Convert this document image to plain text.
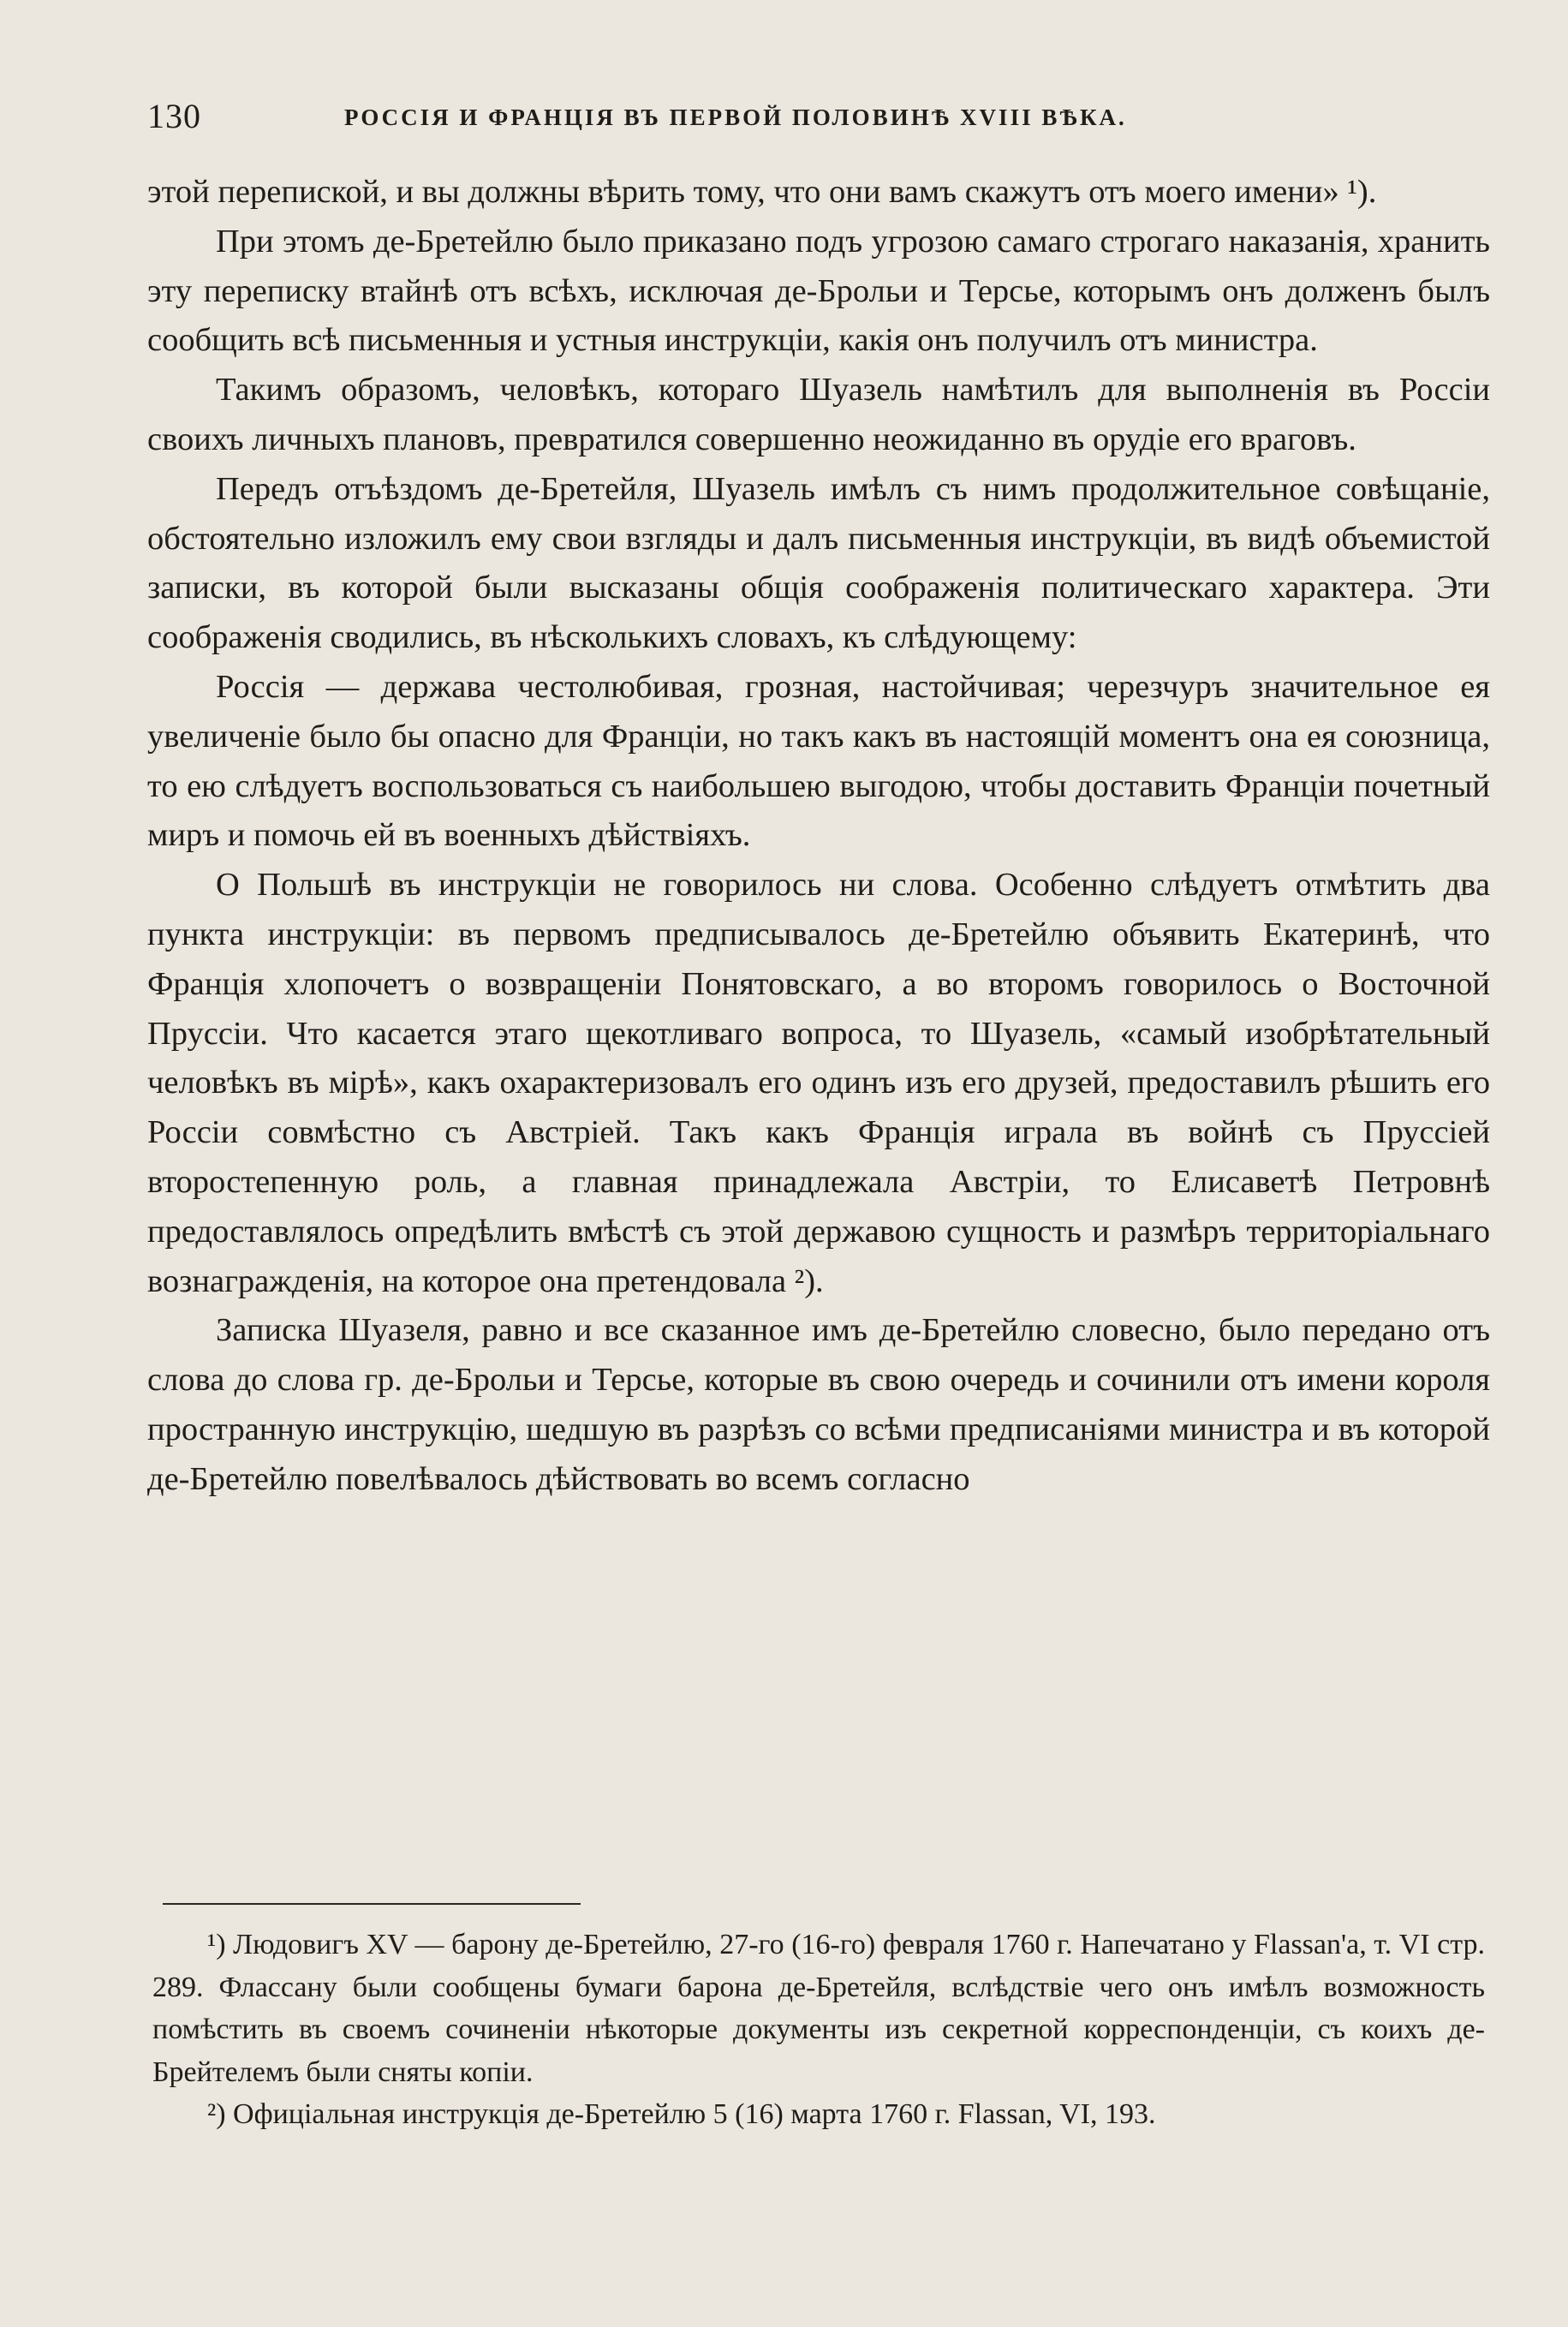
130	РОССІЯ И ФРАНЦІЯ ВЪ ПЕРВОЙ ПОЛОВИНѢ XVIII ВѢКА.

этой перепиской, и вы должны вѣрить тому, что они вамъ скажутъ отъ моего имени» ¹).

При этомъ де-Бретейлю было приказано подъ угрозою самаго строгаго наказанія, хранить эту переписку втайнѣ отъ всѣхъ, исключая де-Брольи и Терсье, которымъ онъ долженъ былъ сообщить всѣ письменныя и устныя инструкціи, какія онъ получилъ отъ министра.

Такимъ образомъ, человѣкъ, котораго Шуазель намѣтилъ для выполненія въ Россіи своихъ личныхъ плановъ, превратился совершенно неожиданно въ орудіе его враговъ.

Передъ отъѣздомъ де-Бретейля, Шуазель имѣлъ съ нимъ продолжительное совѣщаніе, обстоятельно изложилъ ему свои взгляды и далъ письменныя инструкціи, въ видѣ объемистой записки, въ которой были высказаны общія соображенія политическаго характера. Эти соображенія сводились, въ нѣсколькихъ словахъ, къ слѣдующему:

Россія — держава честолюбивая, грозная, настойчивая; черезчуръ значительное ея увеличеніе было бы опасно для Франціи, но такъ какъ въ настоящій моментъ она ея союзница, то ею слѣдуетъ воспользоваться съ наибольшею выгодою, чтобы доставить Франціи почетный миръ и помочь ей въ военныхъ дѣйствіяхъ.

О Польшѣ въ инструкціи не говорилось ни слова. Особенно слѣдуетъ отмѣтить два пункта инструкціи: въ первомъ предписывалось де-Бретейлю объявить Екатеринѣ, что Франція хлопочетъ о возвращеніи Понятовскаго, а во второмъ говорилось о Восточной Пруссіи. Что касается этаго щекотливаго вопроса, то Шуазель, «самый изобрѣтательный человѣкъ въ мірѣ», какъ охарактеризовалъ его одинъ изъ его друзей, предоставилъ рѣшить его Россіи совмѣстно съ Австріей. Такъ какъ Франція играла въ войнѣ съ Пруссіей второстепенную роль, а главная принадлежала Австріи, то Елисаветѣ Петровнѣ предоставлялось опредѣлить вмѣстѣ съ этой державою сущность и размѣръ территоріальнаго вознагражденія, на которое она претендовала ²).

Записка Шуазеля, равно и все сказанное имъ де-Бретейлю словесно, было передано отъ слова до слова гр. де-Брольи и Терсье, которые въ свою очередь и сочинили отъ имени короля пространную инструкцію, шедшую въ разрѣзъ со всѣми предписаніями министра и въ которой де-Бретейлю повелѣвалось дѣйствовать во всемъ согласно

¹) Людовигъ XV — барону де-Бретейлю, 27-го (16-го) февраля 1760 г. Напечатано у Flassan'a, т. VI стр. 289. Флассану были сообщены бумаги барона де-Бретейля, вслѣдствіе чего онъ имѣлъ возможность помѣстить въ своемъ сочиненіи нѣкоторые документы изъ секретной корреспонденціи, съ коихъ де-Брейтелемъ были сняты копіи.

²) Офиціальная инструкція де-Бретейлю 5 (16) марта 1760 г. Flassan, VI, 193.
